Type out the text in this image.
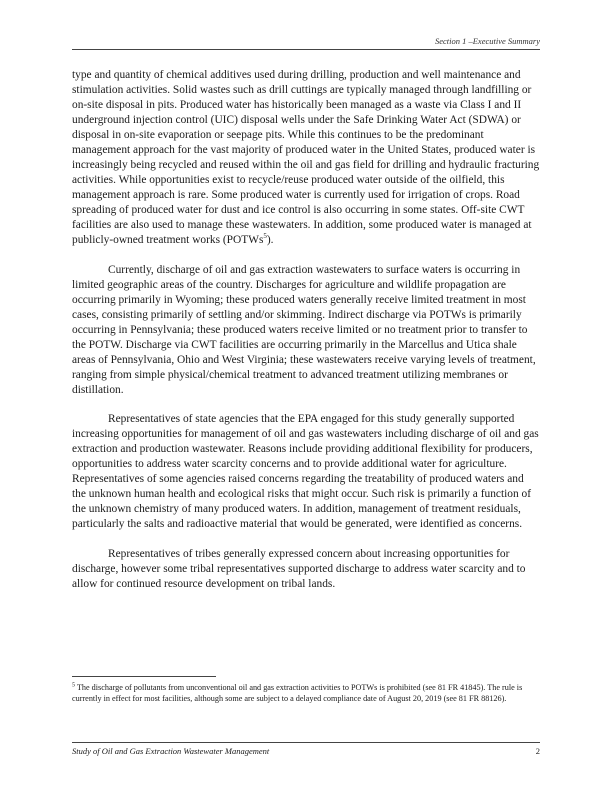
Section 1 –Executive Summary

type and quantity of chemical additives used during drilling, production and well maintenance and stimulation activities. Solid wastes such as drill cuttings are typically managed through landfilling or on-site disposal in pits. Produced water has historically been managed as a waste via Class I and II underground injection control (UIC) disposal wells under the Safe Drinking Water Act (SDWA) or disposal in on-site evaporation or seepage pits. While this continues to be the predominant management approach for the vast majority of produced water in the United States, produced water is increasingly being recycled and reused within the oil and gas field for drilling and hydraulic fracturing activities. While opportunities exist to recycle/reuse produced water outside of the oilfield, this management approach is rare. Some produced water is currently used for irrigation of crops. Road spreading of produced water for dust and ice control is also occurring in some states. Off-site CWT facilities are also used to manage these wastewaters. In addition, some produced water is managed at publicly-owned treatment works (POTWs$^5$).

Currently, discharge of oil and gas extraction wastewaters to surface waters is occurring in limited geographic areas of the country. Discharges for agriculture and wildlife propagation are occurring primarily in Wyoming; these produced waters generally receive limited treatment in most cases, consisting primarily of settling and/or skimming. Indirect discharge via POTWs is primarily occurring in Pennsylvania; these produced waters receive limited or no treatment prior to transfer to the POTW. Discharge via CWT facilities are occurring primarily in the Marcellus and Utica shale areas of Pennsylvania, Ohio and West Virginia; these wastewaters receive varying levels of treatment, ranging from simple physical/chemical treatment to advanced treatment utilizing membranes or distillation.

Representatives of state agencies that the EPA engaged for this study generally supported increasing opportunities for management of oil and gas wastewaters including discharge of oil and gas extraction and production wastewater. Reasons include providing additional flexibility for producers, opportunities to address water scarcity concerns and to provide additional water for agriculture. Representatives of some agencies raised concerns regarding the treatability of produced waters and the unknown human health and ecological risks that might occur. Such risk is primarily a function of the unknown chemistry of many produced waters. In addition, management of treatment residuals, particularly the salts and radioactive material that would be generated, were identified as concerns.

Representatives of tribes generally expressed concern about increasing opportunities for discharge, however some tribal representatives supported discharge to address water scarcity and to allow for continued resource development on tribal lands.

$^5$ The discharge of pollutants from unconventional oil and gas extraction activities to POTWs is prohibited (see 81 FR 41845). The rule is currently in effect for most facilities, although some are subject to a delayed compliance date of August 20, 2019 (see 81 FR 88126).
Study of Oil and Gas Extraction Wastewater Management	2
